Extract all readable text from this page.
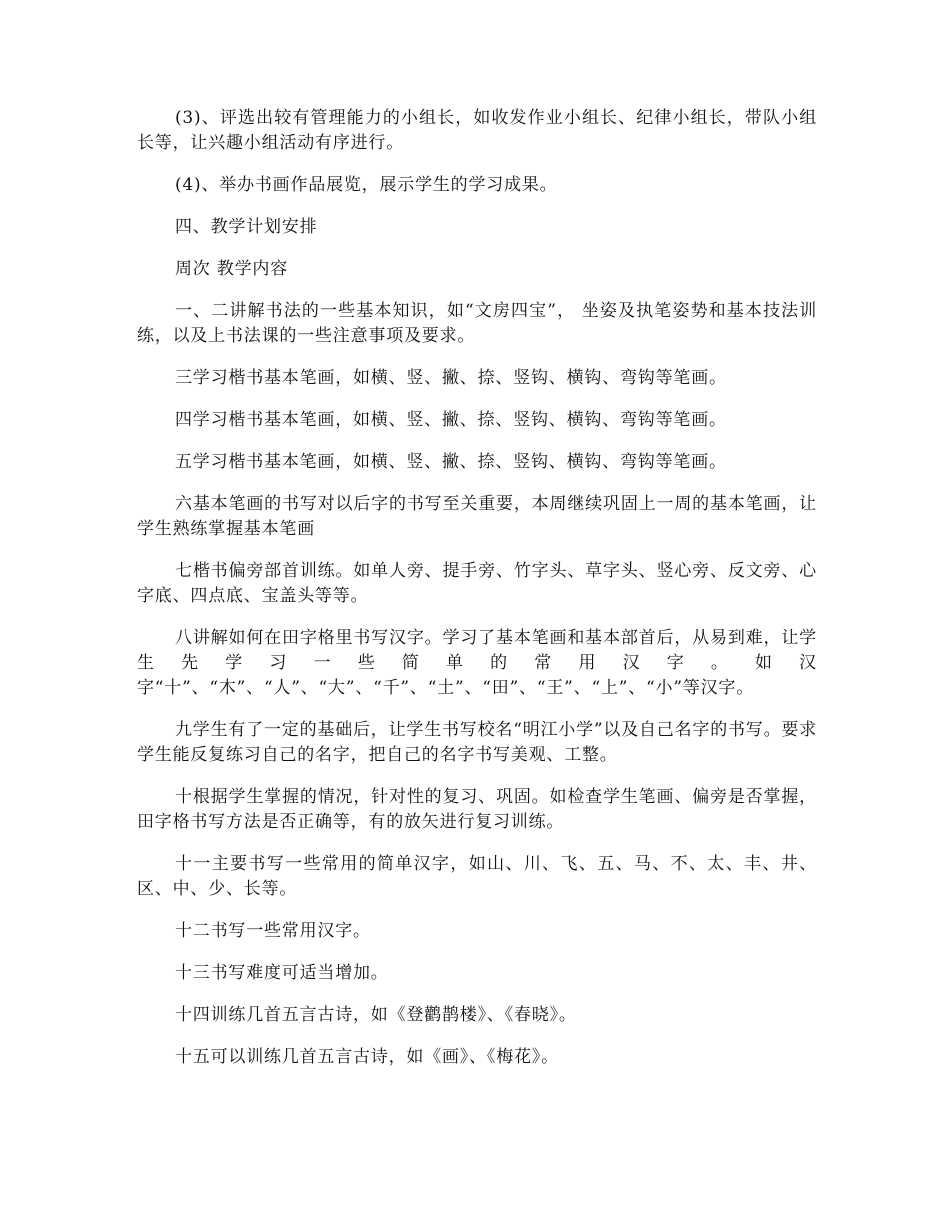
(3)、评选出较有管理能力的小组长，如收发作业小组长、纪律小组长，带队小组长等，让兴趣小组活动有序进行。

(4)、举办书画作品展览，展示学生的学习成果。

四、教学计划安排

周次 教学内容

一、二讲解书法的一些基本知识，如“文房四宝”， 坐姿及执笔姿势和基本技法训练，以及上书法课的一些注意事项及要求。

三学习楷书基本笔画，如横、竖、撇、捺、竖钩、横钩、弯钩等笔画。

四学习楷书基本笔画，如横、竖、撇、捺、竖钩、横钩、弯钩等笔画。

五学习楷书基本笔画，如横、竖、撇、捺、竖钩、横钩、弯钩等笔画。

六基本笔画的书写对以后字的书写至关重要，本周继续巩固上一周的基本笔画，让学生熟练掌握基本笔画

七楷书偏旁部首训练。如单人旁、提手旁、竹字头、草字头、竖心旁、反文旁、心字底、四点底、宝盖头等等。

八讲解如何在田字格里书写汉字。学习了基本笔画和基本部首后，从易到难，让学生先学习一些简单的常用汉字。如汉字“十”、“木”、“人”、“大”、“千”、“土”、“田”、“王”、“上”、“小”等汉字。

九学生有了一定的基础后，让学生书写校名“明江小学”以及自己名字的书写。要求学生能反复练习自己的名字，把自己的名字书写美观、工整。

十根据学生掌握的情况，针对性的复习、巩固。如检查学生笔画、偏旁是否掌握，田字格书写方法是否正确等，有的放矢进行复习训练。

十一主要书写一些常用的简单汉字，如山、川、飞、五、马、不、太、丰、井、区、中、少、长等。

十二书写一些常用汉字。

十三书写难度可适当增加。

十四训练几首五言古诗，如《登鹳鹊楼》、《春晓》。

十五可以训练几首五言古诗，如《画》、《梅花》。
